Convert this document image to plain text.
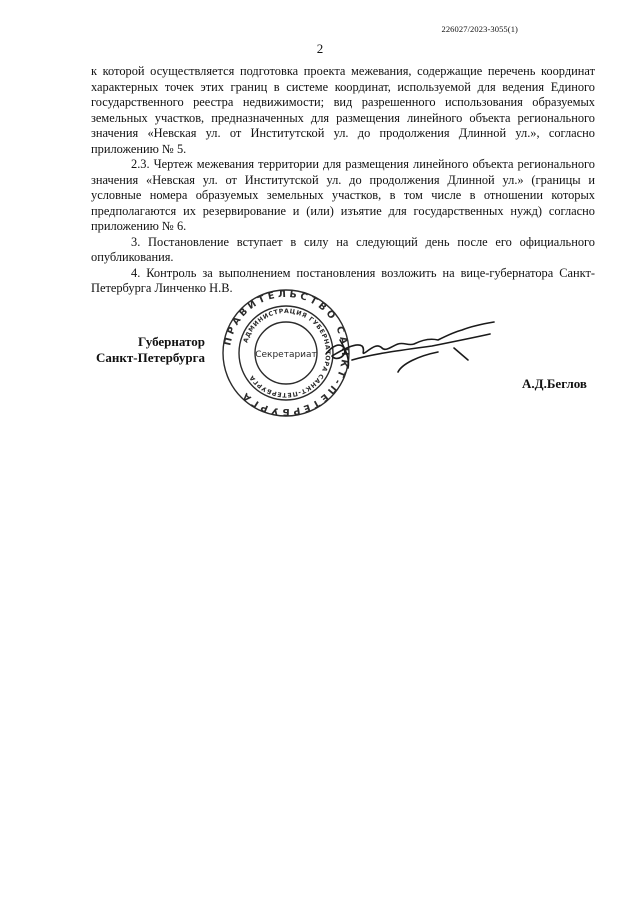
226027/2023-3055(1)
2

к которой осуществляется подготовка проекта межевания, содержащие перечень координат характерных точек этих границ в системе координат, используемой для ведения Единого государственного реестра недвижимости; вид разрешенного использования образуемых земельных участков, предназначенных для размещения линейного объекта регионального значения «Невская ул. от Институтской ул. до продолжения Длинной ул.», согласно приложению № 5.

2.3. Чертеж межевания территории для размещения линейного объекта регионального значения «Невская ул. от Институтской ул. до продолжения Длинной ул.» (границы и условные номера образуемых земельных участков, в том числе в отношении которых предполагаются их резервирование и (или) изъятие для государственных нужд) согласно приложению № 6.

3. Постановление вступает в силу на следующий день после его официального опубликования.

4. Контроль за выполнением постановления возложить на вице-губернатора Санкт-Петербурга Линченко Н.В.

Губернатор
Санкт-Петербурга
ПРАВИТЕЛЬСТВО САНКТ-ПЕТЕРБУРГА
АДМИНИСТРАЦИЯ ГУБЕРНАТОРА САНКТ-ПЕТЕРБУРГА
Секретариат
А.Д.Беглов
